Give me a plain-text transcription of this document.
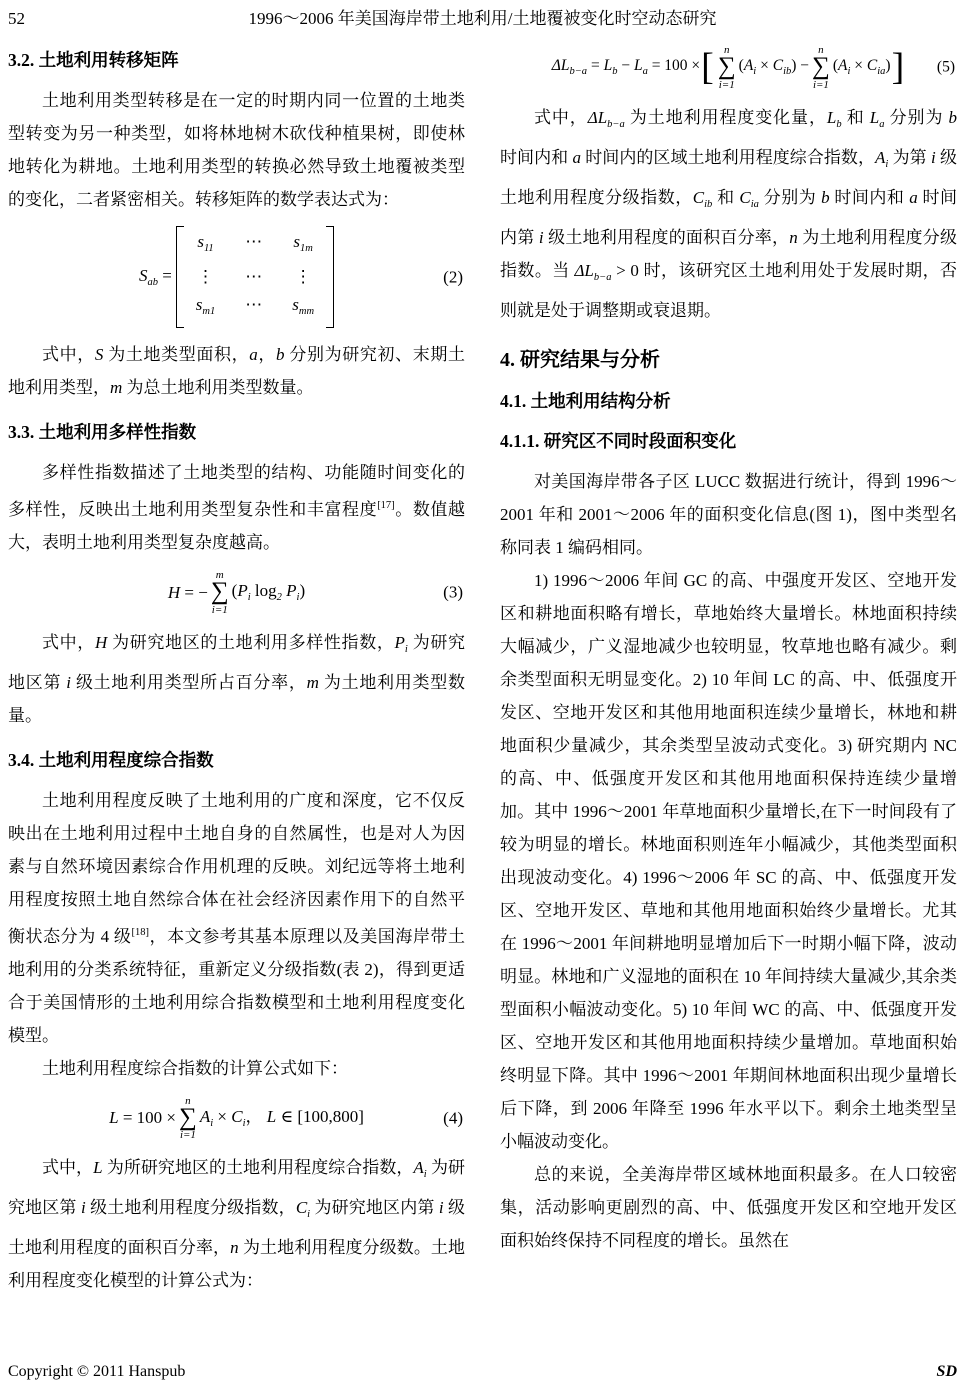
52	1996～2006 年美国海岸带土地利用/土地覆被变化时空动态研究
3.2. 土地利用转移矩阵

土地利用类型转移是在一定的时期内同一位置的土地类型转变为另一种类型，如将林地树木砍伐种植果树，即使林地转化为耕地。土地利用类型的转换必然导致土地覆被类型的变化，二者紧密相关。转移矩阵的数学表达式为：

$S_{ab}$ =
s11 ⋯ s1m
⋮ ⋯ ⋮
sm1 ⋯ smm
(2)

式中，S 为土地类型面积，a，b 分别为研究初、末期土地利用类型，m 为总土地利用类型数量。

3.3. 土地利用多样性指数

多样性指数描述了土地类型的结构、功能随时间变化的多样性，反映出土地利用类型复杂性和丰富程度[17]。数值越大，表明土地利用类型复杂度越高。

H = −
m
∑
i=1
($P_i$ $\log_2 P_i$)	(3)

式中，H 为研究地区的土地利用多样性指数，$P_i$ 为研究地区第 i 级土地利用类型所占百分率，m 为土地利用类型数量。

3.4. 土地利用程度综合指数

土地利用程度反映了土地利用的广度和深度，它不仅反映出在土地利用过程中土地自身的自然属性，也是对人为因素与自然环境因素综合作用机理的反映。刘纪远等将土地利用程度按照土地自然综合体在社会经济因素作用下的自然平衡状态分为 4 级[18]，本文参考其基本原理以及美国海岸带土地利用的分类系统特征，重新定义分级指数(表 2)，得到更适合于美国情形的土地利用综合指数模型和土地利用程度变化模型。

土地利用程度综合指数的计算公式如下：

L = 100 ×
n
∑
i=1
$A_i \times C_i$， L ∈ [100,800]	(4)

式中，L 为所研究地区的土地利用程度综合指数，$A_i$ 为研究地区第 i 级土地利用程度分级指数，$C_i$ 为研究地区内第 i 级土地利用程度的面积百分率，n 为土地利用程度分级数。土地利用程度变化模型的计算公式为：

$\Delta L_{b-a} = L_b - L_a = 100$ × [ n
∑
i=1
$(A_i \times C_{ib})$ −
n
∑
i=1
$(A_i \times C_{ia})$ ] (5)

式中，$\Delta L_{b-a}$ 为土地利用程度变化量，$L_b$ 和 $L_a$ 分别为 b 时间内和 a 时间内的区域土地利用程度综合指数，$A_i$ 为第 i 级土地利用程度分级指数，$C_{ib}$ 和 $C_{ia}$ 分别为 b 时间内和 a 时间内第 i 级土地利用程度的面积百分率，n 为土地利用程度分级指数。当 $\Delta L_{b-a} > 0$ 时，该研究区土地利用处于发展时期，否则就是处于调整期或衰退期。

4. 研究结果与分析
4.1. 土地利用结构分析
4.1.1. 研究区不同时段面积变化

对美国海岸带各子区 LUCC 数据进行统计，得到 1996～2001 年和 2001～2006 年的面积变化信息(图 1)，图中类型名称同表 1 编码相同。

1) 1996～2006 年间 GC 的高、中强度开发区、空地开发区和耕地面积略有增长，草地始终大量增长。林地面积持续大幅减少，广义湿地减少也较明显，牧草地也略有减少。剩余类型面积无明显变化。2) 10 年间 LC 的高、中、低强度开发区、空地开发区和其他用地面积连续少量增长，林地和耕地面积少量减少，其余类型呈波动式变化。3) 研究期内 NC 的高、中、低强度开发区和其他用地面积保持连续少量增加。其中 1996～2001 年草地面积少量增长,在下一时间段有了较为明显的增长。林地面积则连年小幅减少，其他类型面积出现波动变化。4) 1996～2006 年 SC 的高、中、低强度开发区、空地开发区、草地和其他用地面积始终少量增长。尤其在 1996～2001 年间耕地明显增加后下一时期小幅下降，波动明显。林地和广义湿地的面积在 10 年间持续大量减少,其余类型面积小幅波动变化。5) 10 年间 WC 的高、中、低强度开发区、空地开发区和其他用地面积持续少量增加。草地面积始终明显下降。其中 1996～2001 年期间林地面积出现少量增长后下降，到 2006 年降至 1996 年水平以下。剩余土地类型呈小幅波动变化。

总的来说，全美海岸带区域林地面积最多。在人口较密集，活动影响更剧烈的高、中、低强度开发区和空地开发区面积始终保持不同程度的增长。虽然在

Copyright © 2011 Hanspub	SD
